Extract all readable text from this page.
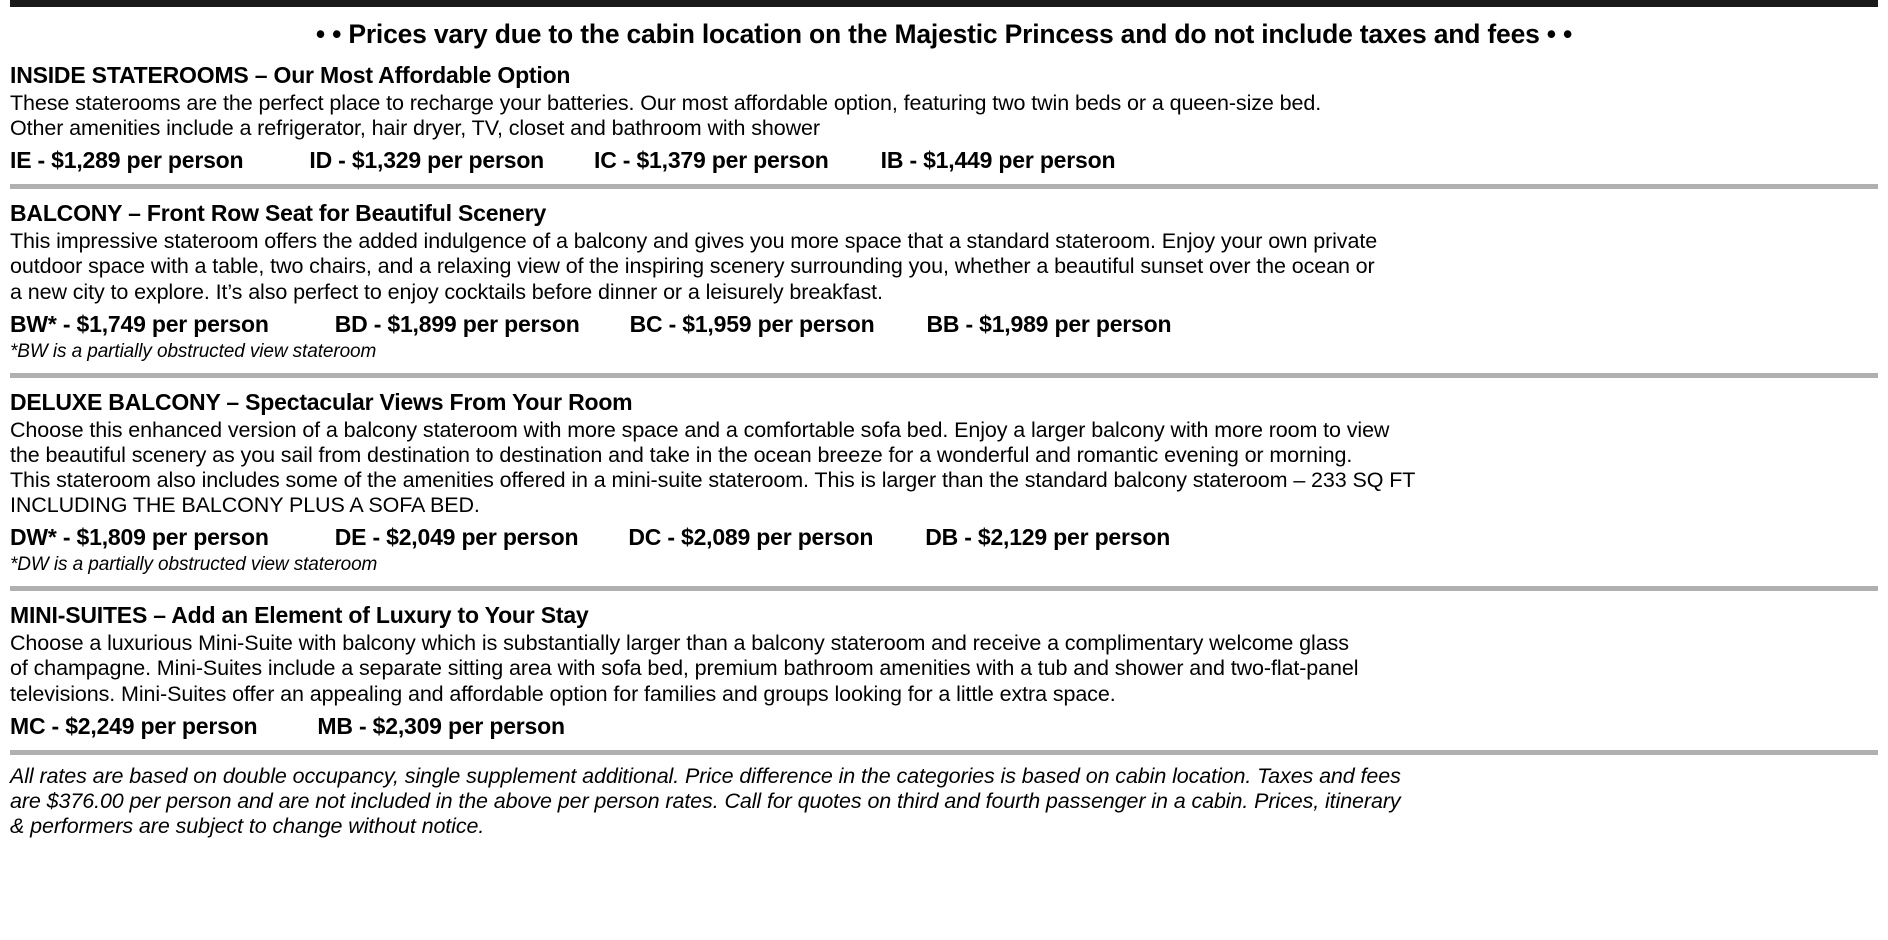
• • Prices vary due to the cabin location on the Majestic Princess and do not include taxes and fees • •
INSIDE STATEROOMS – Our Most Affordable Option

These staterooms are the perfect place to recharge your batteries. Our most affordable option, featuring two twin beds or a queen-size bed.

Other amenities include a refrigerator, hair dryer, TV, closet and bathroom with shower

IE - $1,289 per person	ID - $1,329 per person IC - $1,379 per person IB - $1,449 per person
BALCONY – Front Row Seat for Beautiful Scenery

This impressive stateroom offers the added indulgence of a balcony and gives you more space that a standard stateroom. Enjoy your own private

outdoor space with a table, two chairs, and a relaxing view of the inspiring scenery surrounding you, whether a beautiful sunset over the ocean or

a new city to explore. It’s also perfect to enjoy cocktails before dinner or a leisurely breakfast.

BW* - $1,749 per person	BD - $1,899 per person BC - $1,959 per person BB - $1,989 per person
*BW is a partially obstructed view stateroom
DELUXE BALCONY – Spectacular Views From Your Room

Choose this enhanced version of a balcony stateroom with more space and a comfortable sofa bed. Enjoy a larger balcony with more room to view

the beautiful scenery as you sail from destination to destination and take in the ocean breeze for a wonderful and romantic evening or morning.

This stateroom also includes some of the amenities offered in a mini-suite stateroom. This is larger than the standard balcony stateroom – 233 SQ FT

INCLUDING THE BALCONY PLUS A SOFA BED.

DW* - $1,809 per person	DE - $2,049 per person DC - $2,089 per person DB - $2,129 per person
*DW is a partially obstructed view stateroom
MINI-SUITES – Add an Element of Luxury to Your Stay

Choose a luxurious Mini-Suite with balcony which is substantially larger than a balcony stateroom and receive a complimentary welcome glass

of champagne. Mini-Suites include a separate sitting area with sofa bed, premium bathroom amenities with a tub and shower and two-flat-panel

televisions. Mini-Suites offer an appealing and affordable option for families and groups looking for a little extra space.

MC - $2,249 per person	MB - $2,309 per person

All rates are based on double occupancy, single supplement additional. Price difference in the categories is based on cabin location. Taxes and fees

are $376.00 per person and are not included in the above per person rates. Call for quotes on third and fourth passenger in a cabin. Prices, itinerary

& performers are subject to change without notice.
